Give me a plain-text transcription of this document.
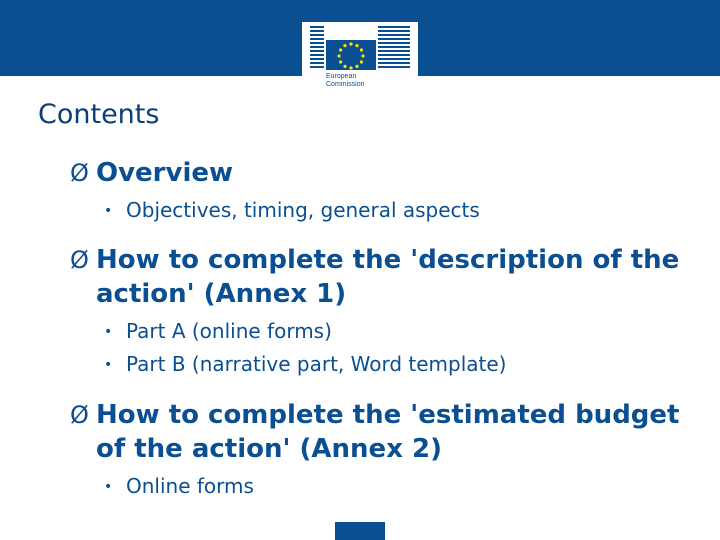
European
Commission
Contents
Ø Overview
• Objectives, timing, general aspects
Ø How to complete the 'description of the action' (Annex 1)
• Part A (online forms)
• Part B (narrative part, Word template)
Ø How to complete the 'estimated budget of the action' (Annex 2)
• Online forms
